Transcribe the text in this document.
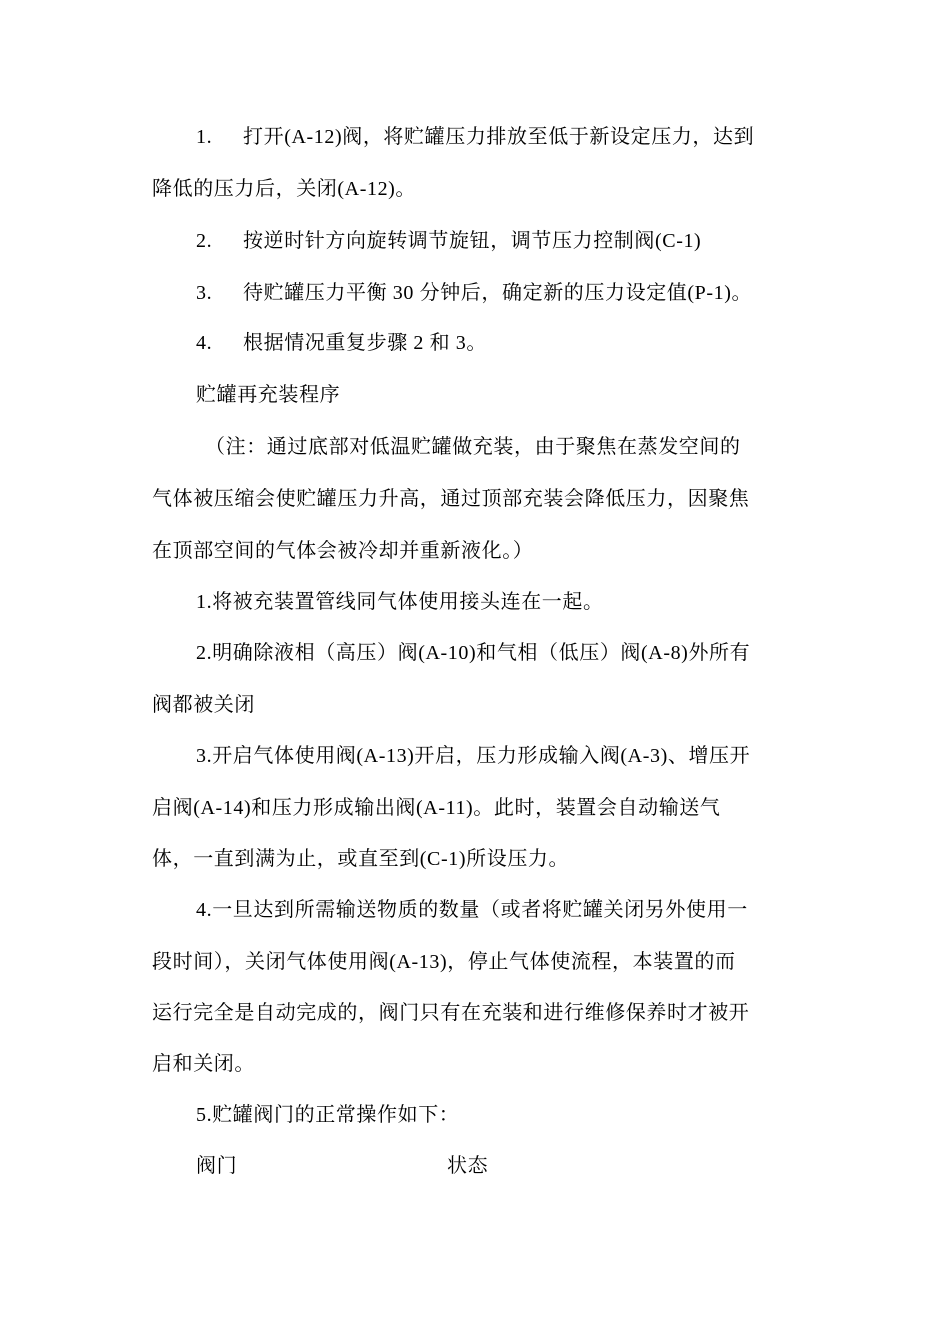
1. 打开(A-12)阀，将贮罐压力排放至低于新设定压力，达到
降低的压力后，关闭(A-12)。
2. 按逆时针方向旋转调节旋钮，调节压力控制阀(C-1)
3. 待贮罐压力平衡 30 分钟后，确定新的压力设定值(P-1)。
4. 根据情况重复步骤 2 和 3。
贮罐再充装程序
（注：通过底部对低温贮罐做充装，由于聚焦在蒸发空间的
气体被压缩会使贮罐压力升高，通过顶部充装会降低压力，因聚焦
在顶部空间的气体会被冷却并重新液化。）
1.将被充装置管线同气体使用接头连在一起。
2.明确除液相（高压）阀(A-10)和气相（低压）阀(A-8)外所有
阀都被关闭
3.开启气体使用阀(A-13)开启，压力形成输入阀(A-3)、增压开
启阀(A-14)和压力形成输出阀(A-11)。此时，装置会自动输送气
体，一直到满为止，或直至到(C-1)所设压力。
4.一旦达到所需输送物质的数量（或者将贮罐关闭另外使用一
段时间），关闭气体使用阀(A-13)，停止气体使流程，本装置的而
运行完全是自动完成的，阀门只有在充装和进行维修保养时才被开
启和关闭。
5.贮罐阀门的正常操作如下：
阀门	状态
